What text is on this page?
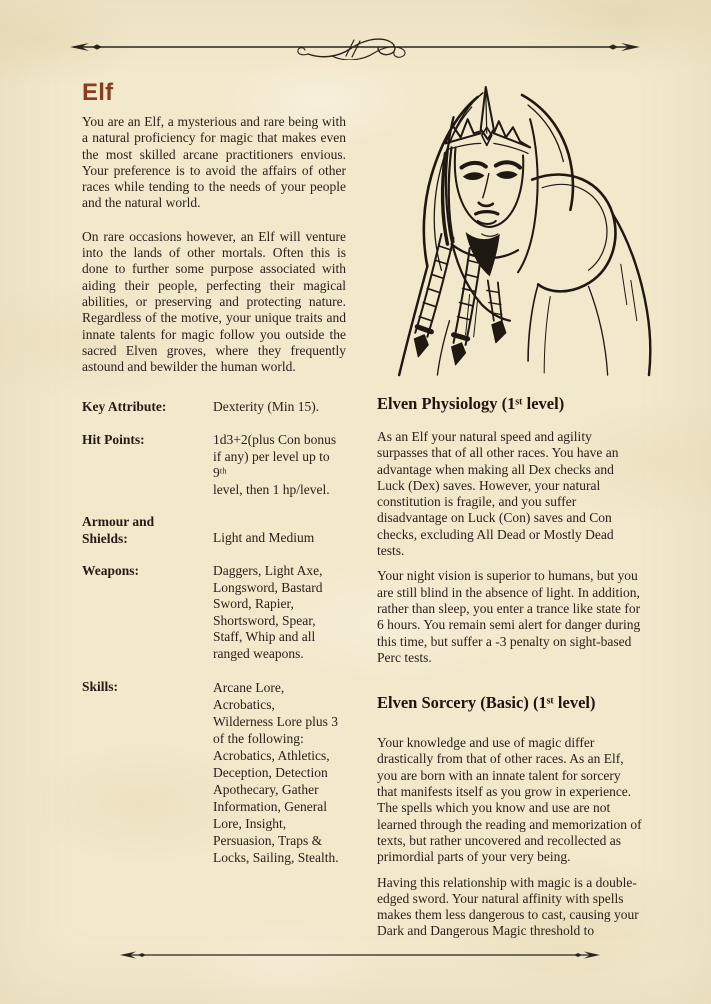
Elf

You are an Elf, a mysterious and rare being with a natural proficiency for magic that makes even the most skilled arcane practitioners envious. Your preference is to avoid the affairs of other races while tending to the needs of your people and the natural world.

On rare occasions however, an Elf will venture into the lands of other mortals. Often this is done to further some purpose associated with aiding their people, perfecting their magical abilities, or preserving and protecting nature. Regardless of the motive, your unique traits and innate talents for magic follow you outside the sacred Elven groves, where they frequently astound and bewilder the human world.

Key Attribute:	Dexterity (Min 15).
Hit Points:	1d3+2(plus Con bonus
if any) per level up to 9ᵗʰ
level, then 1 hp/level.
Armour and
Shields:	Light and Medium
Weapons:	Daggers, Light Axe,
Longsword, Bastard
Sword, Rapier,
Shortsword, Spear,
Staff, Whip and all
ranged weapons.
Skills:	Arcane Lore, Acrobatics,
Wilderness Lore plus 3
of the following:
Acrobatics, Athletics,
Deception, Detection
Apothecary, Gather
Information, General
Lore, Insight,
Persuasion, Traps &
Locks, Sailing, Stealth.
Elven Physiology (1ˢᵗ level)

As an Elf your natural speed and agility surpasses that of all other races. You have an advantage when making all Dex checks and Luck (Dex) saves. However, your natural constitution is fragile, and you suffer disadvantage on Luck (Con) saves and Con checks, excluding All Dead or Mostly Dead tests.

Your night vision is superior to humans, but you are still blind in the absence of light. In addition, rather than sleep, you enter a trance like state for 6 hours. You remain semi alert for danger during this time, but suffer a -3 penalty on sight-based Perc tests.

Elven Sorcery (Basic) (1ˢᵗ level)

Your knowledge and use of magic differ drastically from that of other races. As an Elf, you are born with an innate talent for sorcery that manifests itself as you grow in experience. The spells which you know and use are not learned through the reading and memorization of texts, but rather uncovered and recollected as primordial parts of your very being.

Having this relationship with magic is a double-edged sword. Your natural affinity with spells makes them less dangerous to cast, causing your Dark and Dangerous Magic threshold to
